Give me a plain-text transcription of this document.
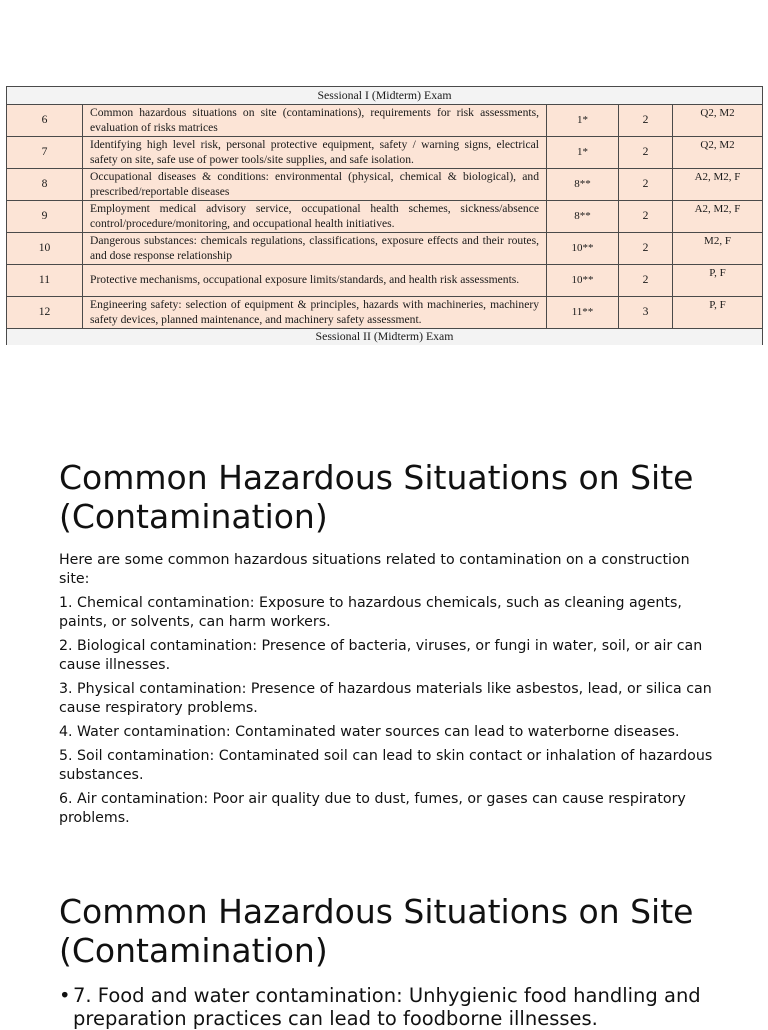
Sessional I (Midterm) Exam				
6	Common hazardous situations on site (contaminations), requirements for risk assessments, evaluation of risks matrices	1*	2	Q2, M2
7	Identifying high level risk, personal protective equipment, safety / warning signs, electrical safety on site, safe use of power tools/site supplies, and safe isolation.	1*	2	Q2, M2
8	Occupational diseases & conditions: environmental (physical, chemical & biological), and prescribed/reportable diseases	8**	2	A2, M2, F
9	Employment medical advisory service, occupational health schemes, sickness/absence control/procedure/monitoring, and occupational health initiatives.	8**	2	A2, M2, F
10	Dangerous substances: chemicals regulations, classifications, exposure effects and their routes, and dose response relationship	10**	2	M2, F
11	Protective mechanisms, occupational exposure limits/standards, and health risk assessments.	10**	2	P, F
12	Engineering safety: selection of equipment & principles, hazards with machineries, machinery safety devices, planned maintenance, and machinery safety assessment.	11**	3	P, F
Sessional II (Midterm) Exam				
Common Hazardous Situations on Site (Contamination)

Here are some common hazardous situations related to contamination on a construction site:

1. Chemical contamination: Exposure to hazardous chemicals, such as cleaning agents, paints, or solvents, can harm workers.

2. Biological contamination: Presence of bacteria, viruses, or fungi in water, soil, or air can cause illnesses.

3. Physical contamination: Presence of hazardous materials like asbestos, lead, or silica can cause respiratory problems.

4. Water contamination: Contaminated water sources can lead to waterborne diseases.

5. Soil contamination: Contaminated soil can lead to skin contact or inhalation of hazardous substances.

6. Air contamination: Poor air quality due to dust, fumes, or gases can cause respiratory problems.

Common Hazardous Situations on Site (Contamination)
• 7. Food and water contamination: Unhygienic food handling and preparation practices can lead to foodborne illnesses.
